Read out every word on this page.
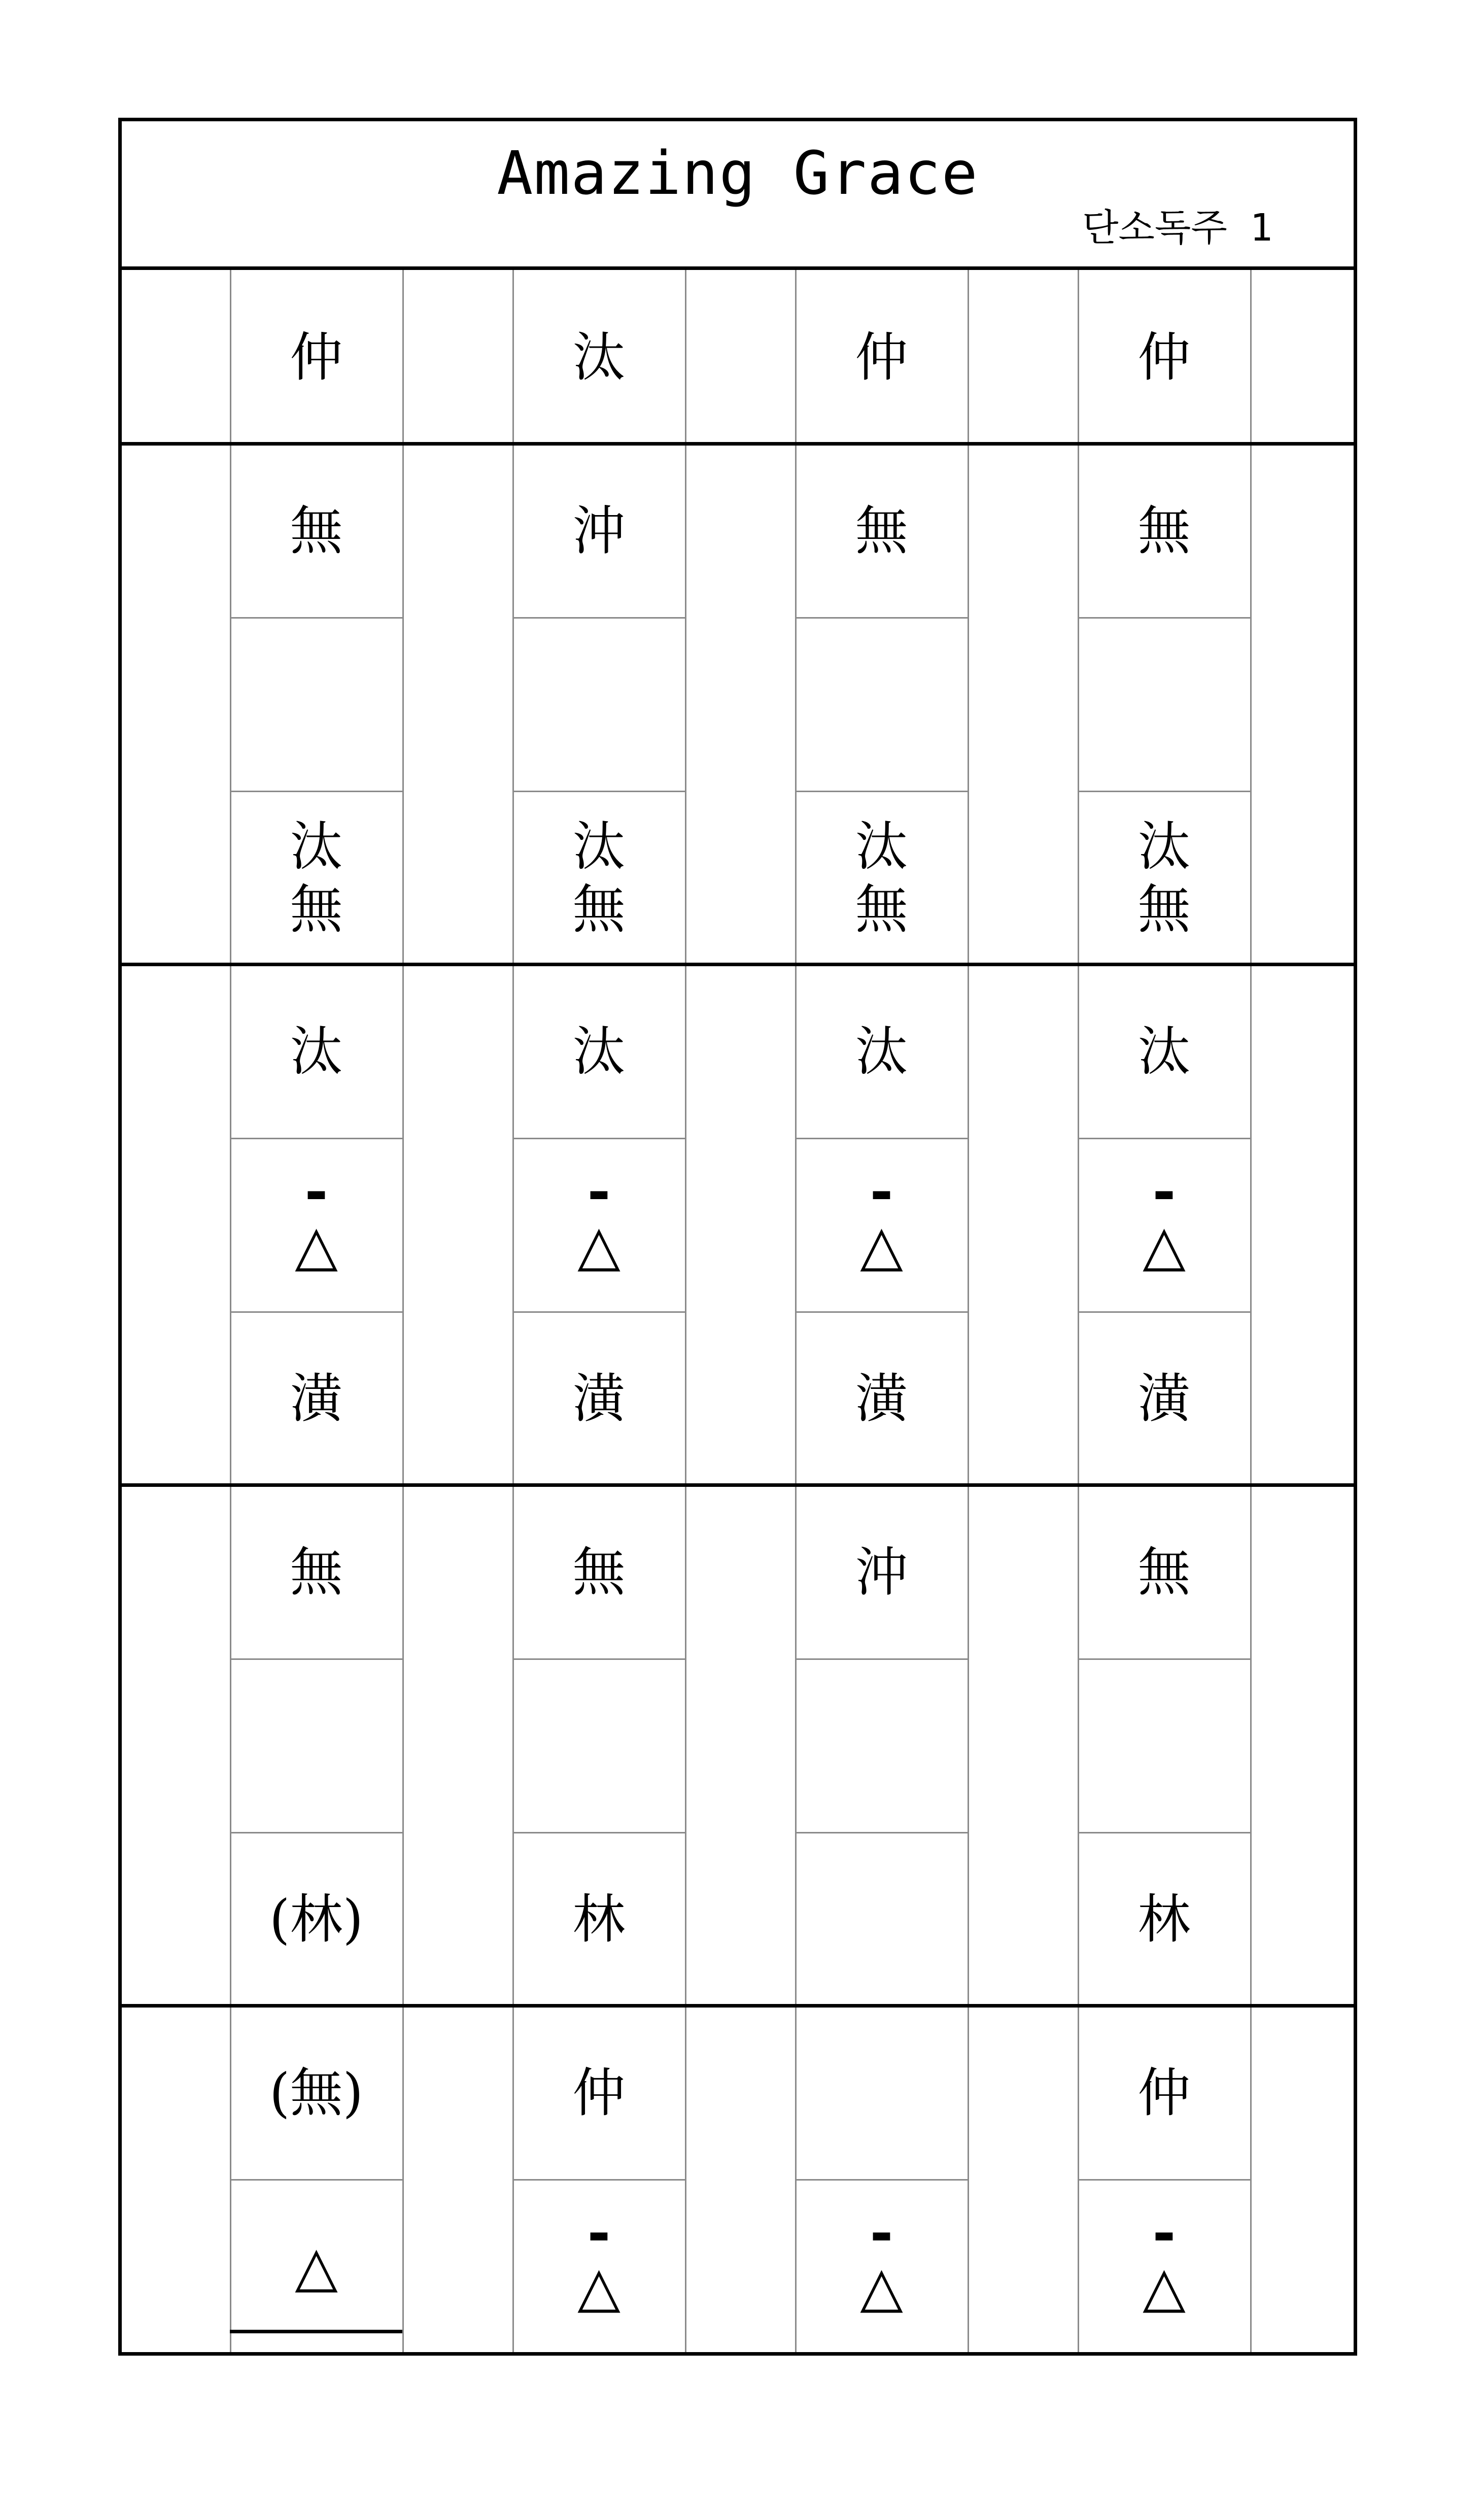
Amazing Grace
단소독주 1
仲
無
汰
無
汰
-
△
潢
無
(林)
(無)
△
汰
沖
汰
無
汰
-
△
潢
無
林
仲
-
△
仲
無
汰
無
汰
-
△
潢
沖
-
△
仲
無
汰
無
汰
-
△
潢
無
林
仲
-
△
